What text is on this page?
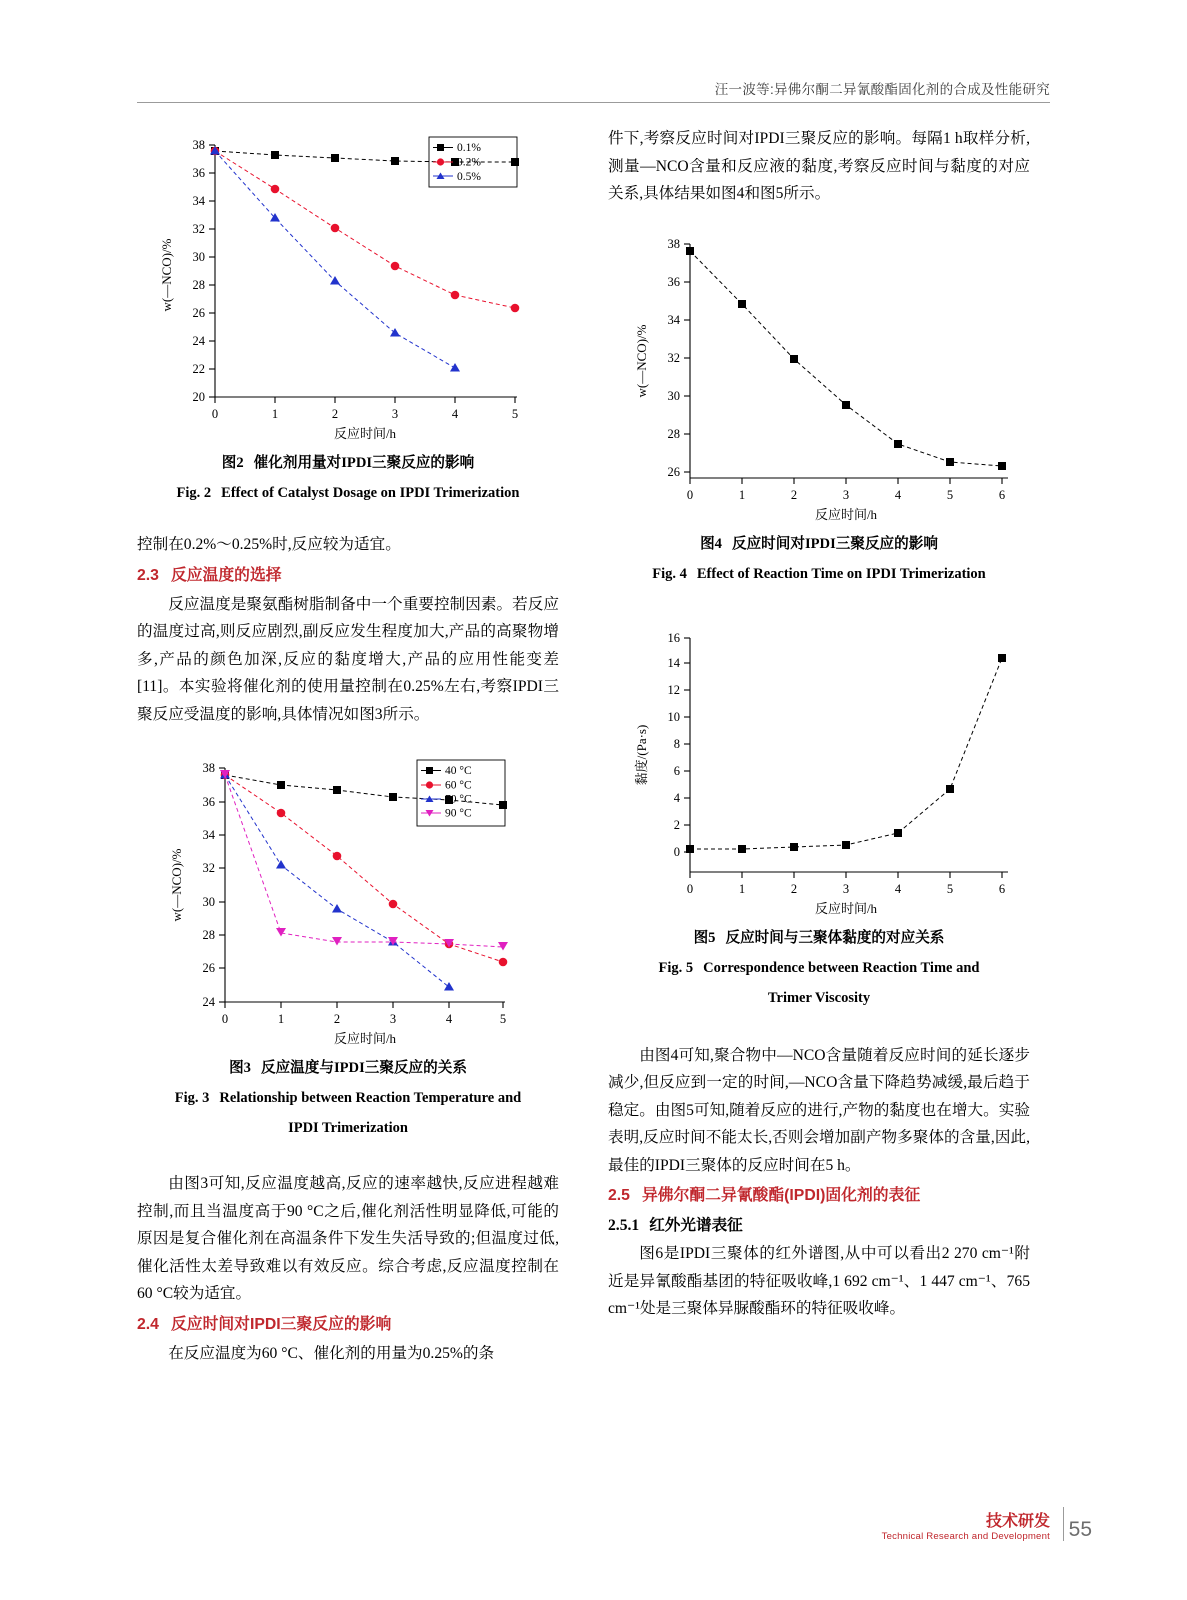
汪一波等:异佛尔酮二异氰酸酯固化剂的合成及性能研究
20
22
24
26
28
30
32
34
36
38
0	1	2	3	4	5
反应时间/h
w(—NCO)/%
0.1%
0.2%
0.5%
图2 催化剂用量对IPDI三聚反应的影响
Fig. 2 Effect of Catalyst Dosage on IPDI Trimerization

控制在0.2%～0.25%时,反应较为适宜。

2.3 反应温度的选择

反应温度是聚氨酯树脂制备中一个重要控制因素。若反应的温度过高,则反应剧烈,副反应发生程度加大,产品的高聚物增多,产品的颜色加深,反应的黏度增大,产品的应用性能变差[11]。本实验将催化剂的使用量控制在0.25%左右,考察IPDI三聚反应受温度的影响,具体情况如图3所示。

24
26
28
30
32
34
36
38
0	1	2	3	4	5
反应时间/h
w(—NCO)/%
40 °C
60 °C
70 °C
90 °C
图3 反应温度与IPDI三聚反应的关系
Fig. 3 Relationship between Reaction Temperature and
IPDI Trimerization

由图3可知,反应温度越高,反应的速率越快,反应进程越难控制,而且当温度高于90 °C之后,催化剂活性明显降低,可能的原因是复合催化剂在高温条件下发生失活导致的;但温度过低,催化活性太差导致难以有效反应。综合考虑,反应温度控制在60 °C较为适宜。

2.4 反应时间对IPDI三聚反应的影响

在反应温度为60 °C、催化剂的用量为0.25%的条

件下,考察反应时间对IPDI三聚反应的影响。每隔1 h取样分析,测量—NCO含量和反应液的黏度,考察反应时间与黏度的对应关系,具体结果如图4和图5所示。

26
28
30
32
34
36
38
0	1	2	3	4	5	6
反应时间/h
w(—NCO)/%
图4 反应时间对IPDI三聚反应的影响
Fig. 4 Effect of Reaction Time on IPDI Trimerization
0
2
4
6
8
10
12
14
16
0	1	2	3	4	5	6
反应时间/h
黏度/(Pa·s)
图5 反应时间与三聚体黏度的对应关系
Fig. 5 Correspondence between Reaction Time and
Trimer Viscosity

由图4可知,聚合物中—NCO含量随着反应时间的延长逐步减少,但反应到一定的时间,—NCO含量下降趋势减缓,最后趋于稳定。由图5可知,随着反应的进行,产物的黏度也在增大。实验表明,反应时间不能太长,否则会增加副产物多聚体的含量,因此,最佳的IPDI三聚体的反应时间在5 h。

2.5 异佛尔酮二异氰酸酯(IPDI)固化剂的表征
2.5.1 红外光谱表征

图6是IPDI三聚体的红外谱图,从中可以看出2 270 cm⁻¹附近是异氰酸酯基团的特征吸收峰,1 692 cm⁻¹、1 447 cm⁻¹、765 cm⁻¹处是三聚体异脲酸酯环的特征吸收峰。

技术研发
Technical Research and Development 55
